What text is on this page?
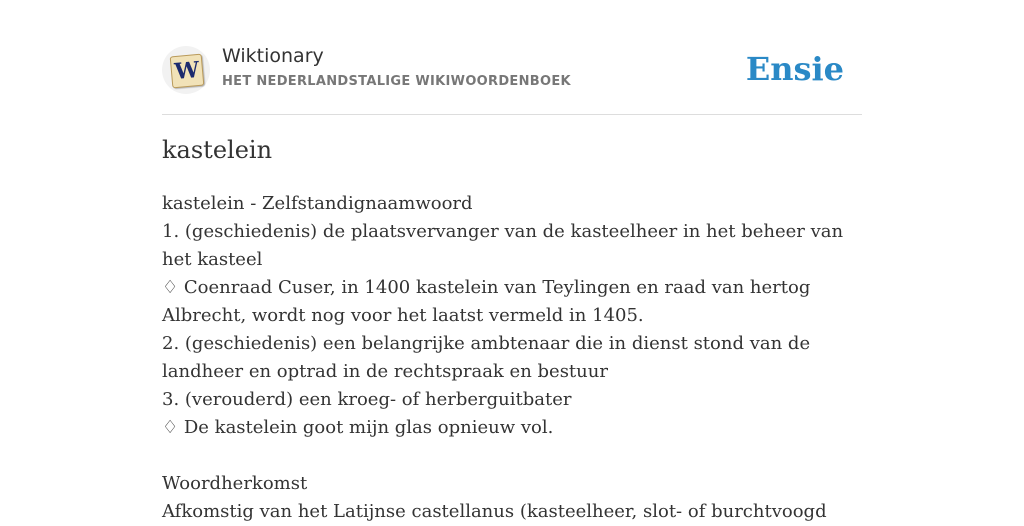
W
Wiktionary
HET NEDERLANDSTALIGE WIKIWOORDENBOEK	Ensie
kastelein
kastelein - Zelfstandignaamwoord
1. (geschiedenis) de plaatsvervanger van de kasteelheer in het beheer van het kasteel
♢ Coenraad Cuser, in 1400 kastelein van Teylingen en raad van hertog Albrecht, wordt nog voor het laatst vermeld in 1405.
2. (geschiedenis) een belangrijke ambtenaar die in dienst stond van de landheer en optrad in de rechtspraak en bestuur
3. (verouderd) een kroeg- of herberguitbater
♢ De kastelein goot mijn glas opnieuw vol.
Woordherkomst
Afkomstig van het Latijnse castellanus (kasteelheer, slot- of burchtvoogd
